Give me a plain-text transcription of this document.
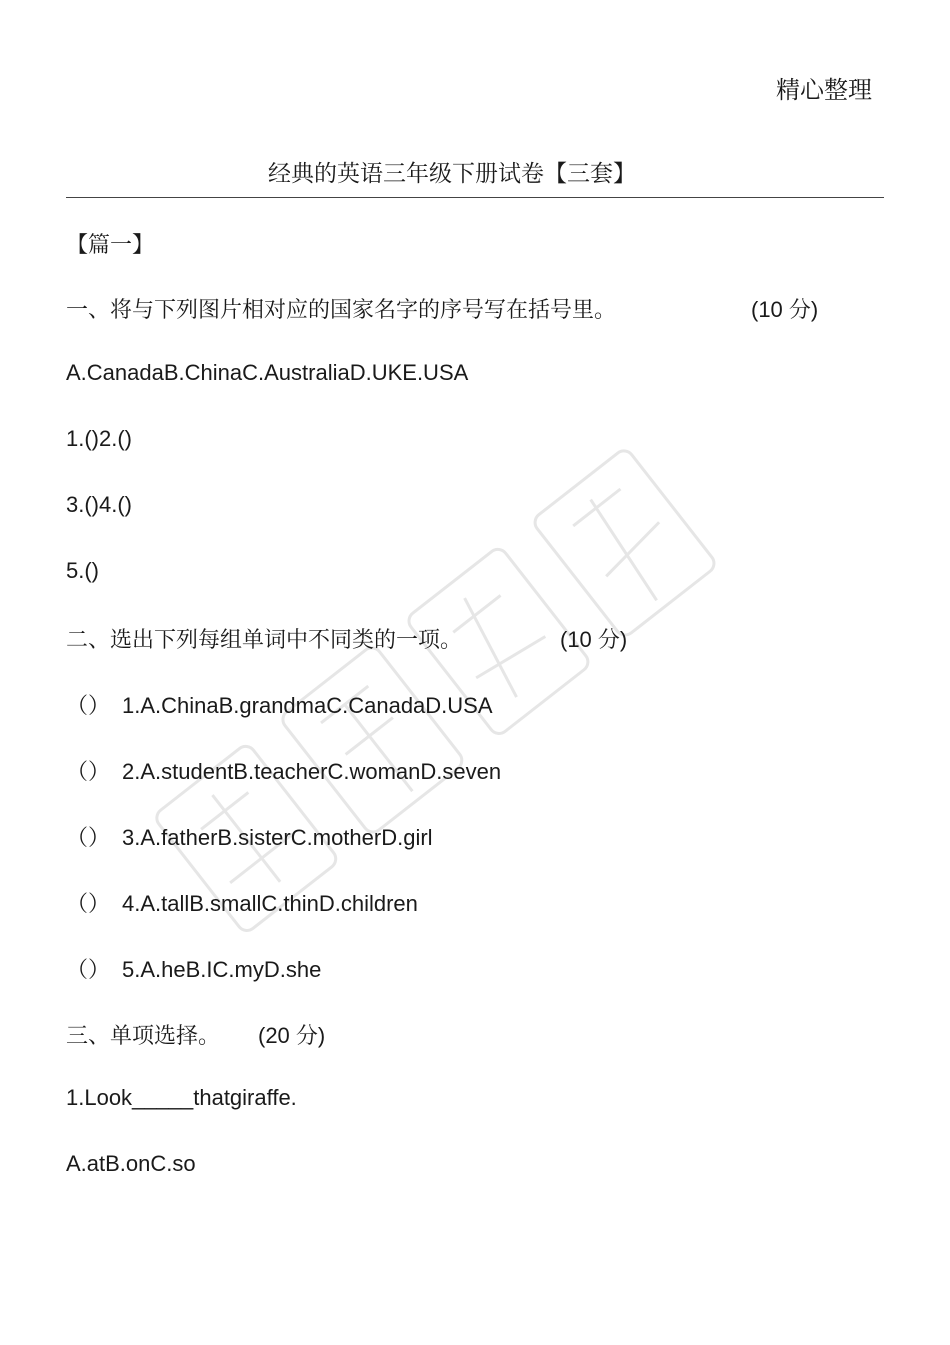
精心整理
经典的英语三年级下册试卷【三套】
【篇一】
一、将与下列图片相对应的国家名字的序号写在括号里。	(10 分)
A.CanadaB.ChinaC.AustraliaD.UKE.USA
1.()2.()
3.()4.()
5.()
二、选出下列每组单词中不同类的一项。	(10 分)
（） 1.A.ChinaB.grandmaC.CanadaD.USA
（） 2.A.studentB.teacherC.womanD.seven
（） 3.A.fatherB.sisterC.motherD.girl
（） 4.A.tallB.smallC.thinD.children
（） 5.A.heB.IC.myD.she
三、单项选择。 (20 分)
1.Look_____thatgiraffe.
A.atB.onC.so
